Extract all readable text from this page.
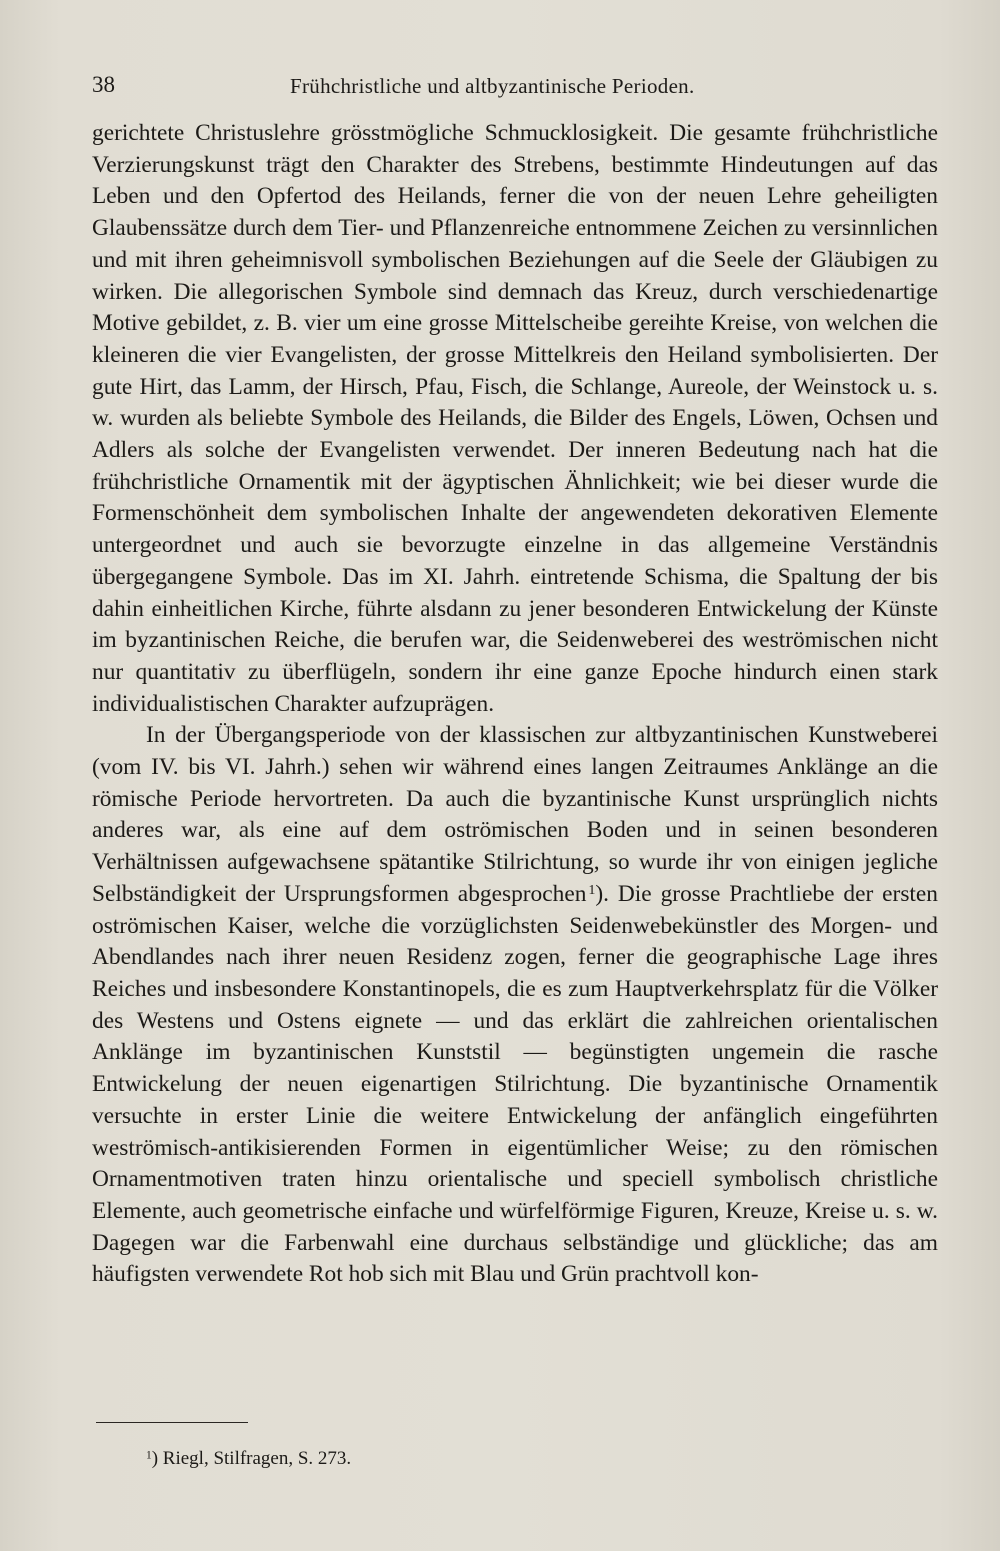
38	Frühchristliche und altbyzantinische Perioden.

gerichtete Christuslehre grösstmögliche Schmucklosigkeit. Die gesamte frühchristliche Verzierungskunst trägt den Charakter des Strebens, bestimmte Hindeutungen auf das Leben und den Opfertod des Heilands, ferner die von der neuen Lehre geheiligten Glaubenssätze durch dem Tier- und Pflanzenreiche entnommene Zeichen zu versinnlichen und mit ihren geheimnisvoll symbolischen Beziehungen auf die Seele der Gläubigen zu wirken. Die allegorischen Symbole sind demnach das Kreuz, durch verschiedenartige Motive gebildet, z. B. vier um eine grosse Mittelscheibe gereihte Kreise, von welchen die kleineren die vier Evangelisten, der grosse Mittelkreis den Heiland symbolisierten. Der gute Hirt, das Lamm, der Hirsch, Pfau, Fisch, die Schlange, Aureole, der Weinstock u. s. w. wurden als beliebte Symbole des Heilands, die Bilder des Engels, Löwen, Ochsen und Adlers als solche der Evangelisten verwendet. Der inneren Bedeutung nach hat die frühchristliche Ornamentik mit der ägyptischen Ähnlichkeit; wie bei dieser wurde die Formenschönheit dem symbolischen Inhalte der angewendeten dekorativen Elemente untergeordnet und auch sie bevorzugte einzelne in das allgemeine Verständnis übergegangene Symbole. Das im XI. Jahrh. eintretende Schisma, die Spaltung der bis dahin einheitlichen Kirche, führte alsdann zu jener besonderen Entwickelung der Künste im byzantinischen Reiche, die berufen war, die Seidenweberei des weströmischen nicht nur quantitativ zu überflügeln, sondern ihr eine ganze Epoche hindurch einen stark individualistischen Charakter aufzuprägen.

In der Übergangsperiode von der klassischen zur altbyzantinischen Kunstweberei (vom IV. bis VI. Jahrh.) sehen wir während eines langen Zeitraumes Anklänge an die römische Periode hervortreten. Da auch die byzantinische Kunst ursprünglich nichts anderes war, als eine auf dem oströmischen Boden und in seinen besonderen Verhältnissen aufgewachsene spätantike Stilrichtung, so wurde ihr von einigen jegliche Selbständigkeit der Ursprungsformen abgesprochen  $^1$). Die grosse Prachtliebe der ersten oströmischen Kaiser, welche die vorzüglichsten Seidenwebekünstler des Morgen- und Abendlandes nach ihrer neuen Residenz zogen, ferner die geographische Lage ihres Reiches und insbesondere Konstantinopels, die es zum Hauptverkehrsplatz für die Völker des Westens und Ostens eignete — und das erklärt die zahlreichen orientalischen Anklänge im byzantinischen Kunststil — begünstigten ungemein die rasche Entwickelung der neuen eigenartigen Stilrichtung. Die byzantinische Ornamentik versuchte in erster Linie die weitere Entwickelung der anfänglich eingeführten weströmisch-antikisierenden Formen in eigentümlicher Weise; zu den römischen Ornamentmotiven traten hinzu orientalische und speciell symbolisch christliche Elemente, auch geometrische einfache und würfelförmige Figuren, Kreuze, Kreise u. s. w. Dagegen war die Farbenwahl eine durchaus selbständige und glückliche; das am häufigsten verwendete Rot hob sich mit Blau und Grün prachtvoll kon-

$^1$) Riegl, Stilfragen, S. 273.
